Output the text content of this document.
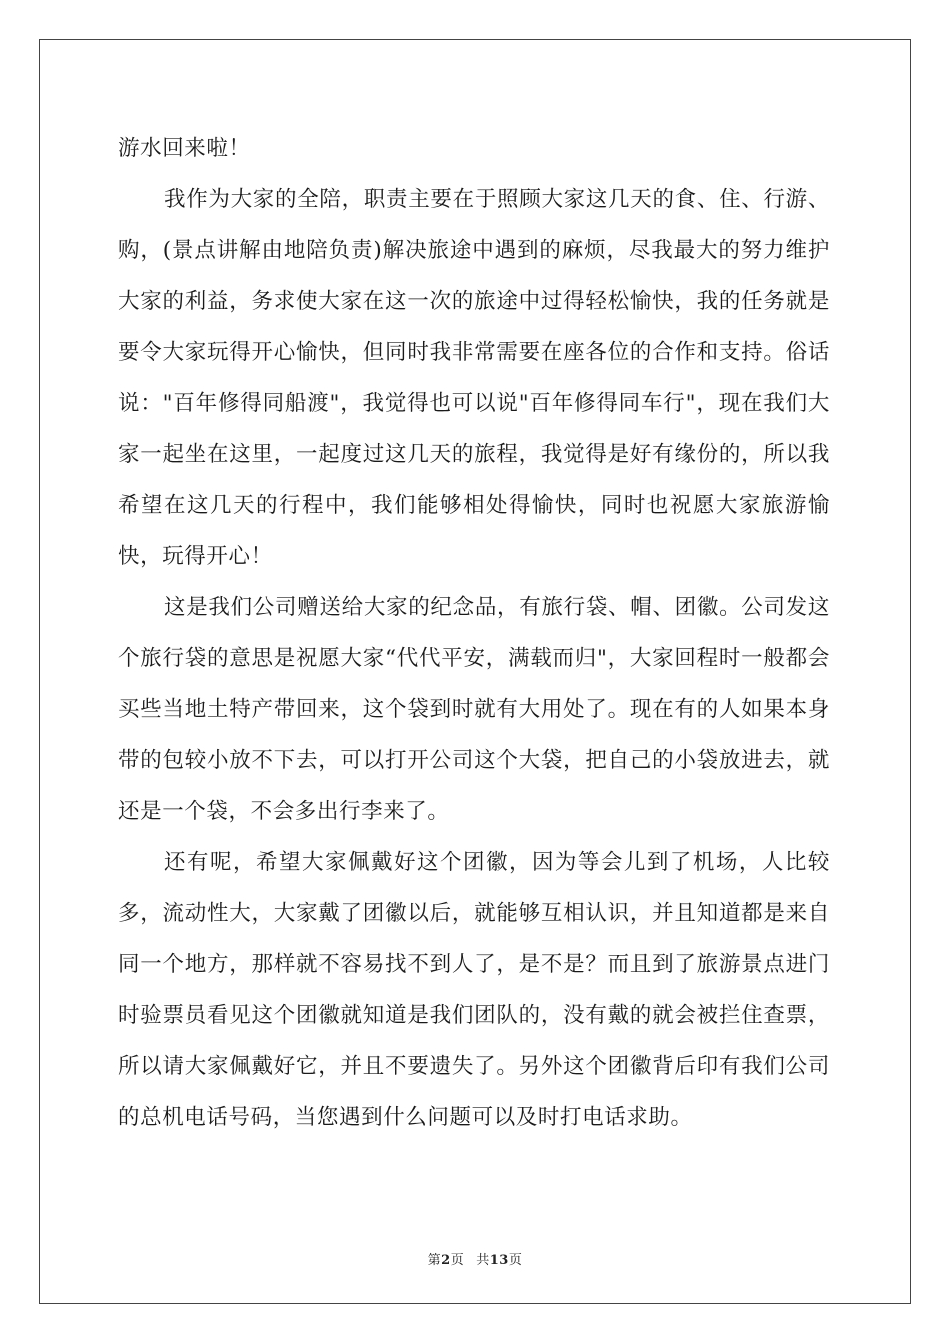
游水回来啦！

我作为大家的全陪，职责主要在于照顾大家这几天的食、住、行游、购，(景点讲解由地陪负责)解决旅途中遇到的麻烦，尽我最大的努力维护大家的利益，务求使大家在这一次的旅途中过得轻松愉快，我的任务就是要令大家玩得开心愉快，但同时我非常需要在座各位的合作和支持。俗话说："百年修得同船渡"，我觉得也可以说"百年修得同车行"，现在我们大家一起坐在这里，一起度过这几天的旅程，我觉得是好有缘份的，所以我希望在这几天的行程中，我们能够相处得愉快，同时也祝愿大家旅游愉快，玩得开心！

这是我们公司赠送给大家的纪念品，有旅行袋、帽、团徽。公司发这个旅行袋的意思是祝愿大家“代代平安，满载而归"，大家回程时一般都会买些当地土特产带回来，这个袋到时就有大用处了。现在有的人如果本身带的包较小放不下去，可以打开公司这个大袋，把自己的小袋放进去，就还是一个袋，不会多出行李来了。

还有呢，希望大家佩戴好这个团徽，因为等会儿到了机场，人比较多，流动性大，大家戴了团徽以后，就能够互相认识，并且知道都是来自同一个地方，那样就不容易找不到人了，是不是？而且到了旅游景点进门时验票员看见这个团徽就知道是我们团队的，没有戴的就会被拦住查票，所以请大家佩戴好它，并且不要遗失了。另外这个团徽背后印有我们公司的总机电话号码，当您遇到什么问题可以及时打电话求助。

第2页 共13页
